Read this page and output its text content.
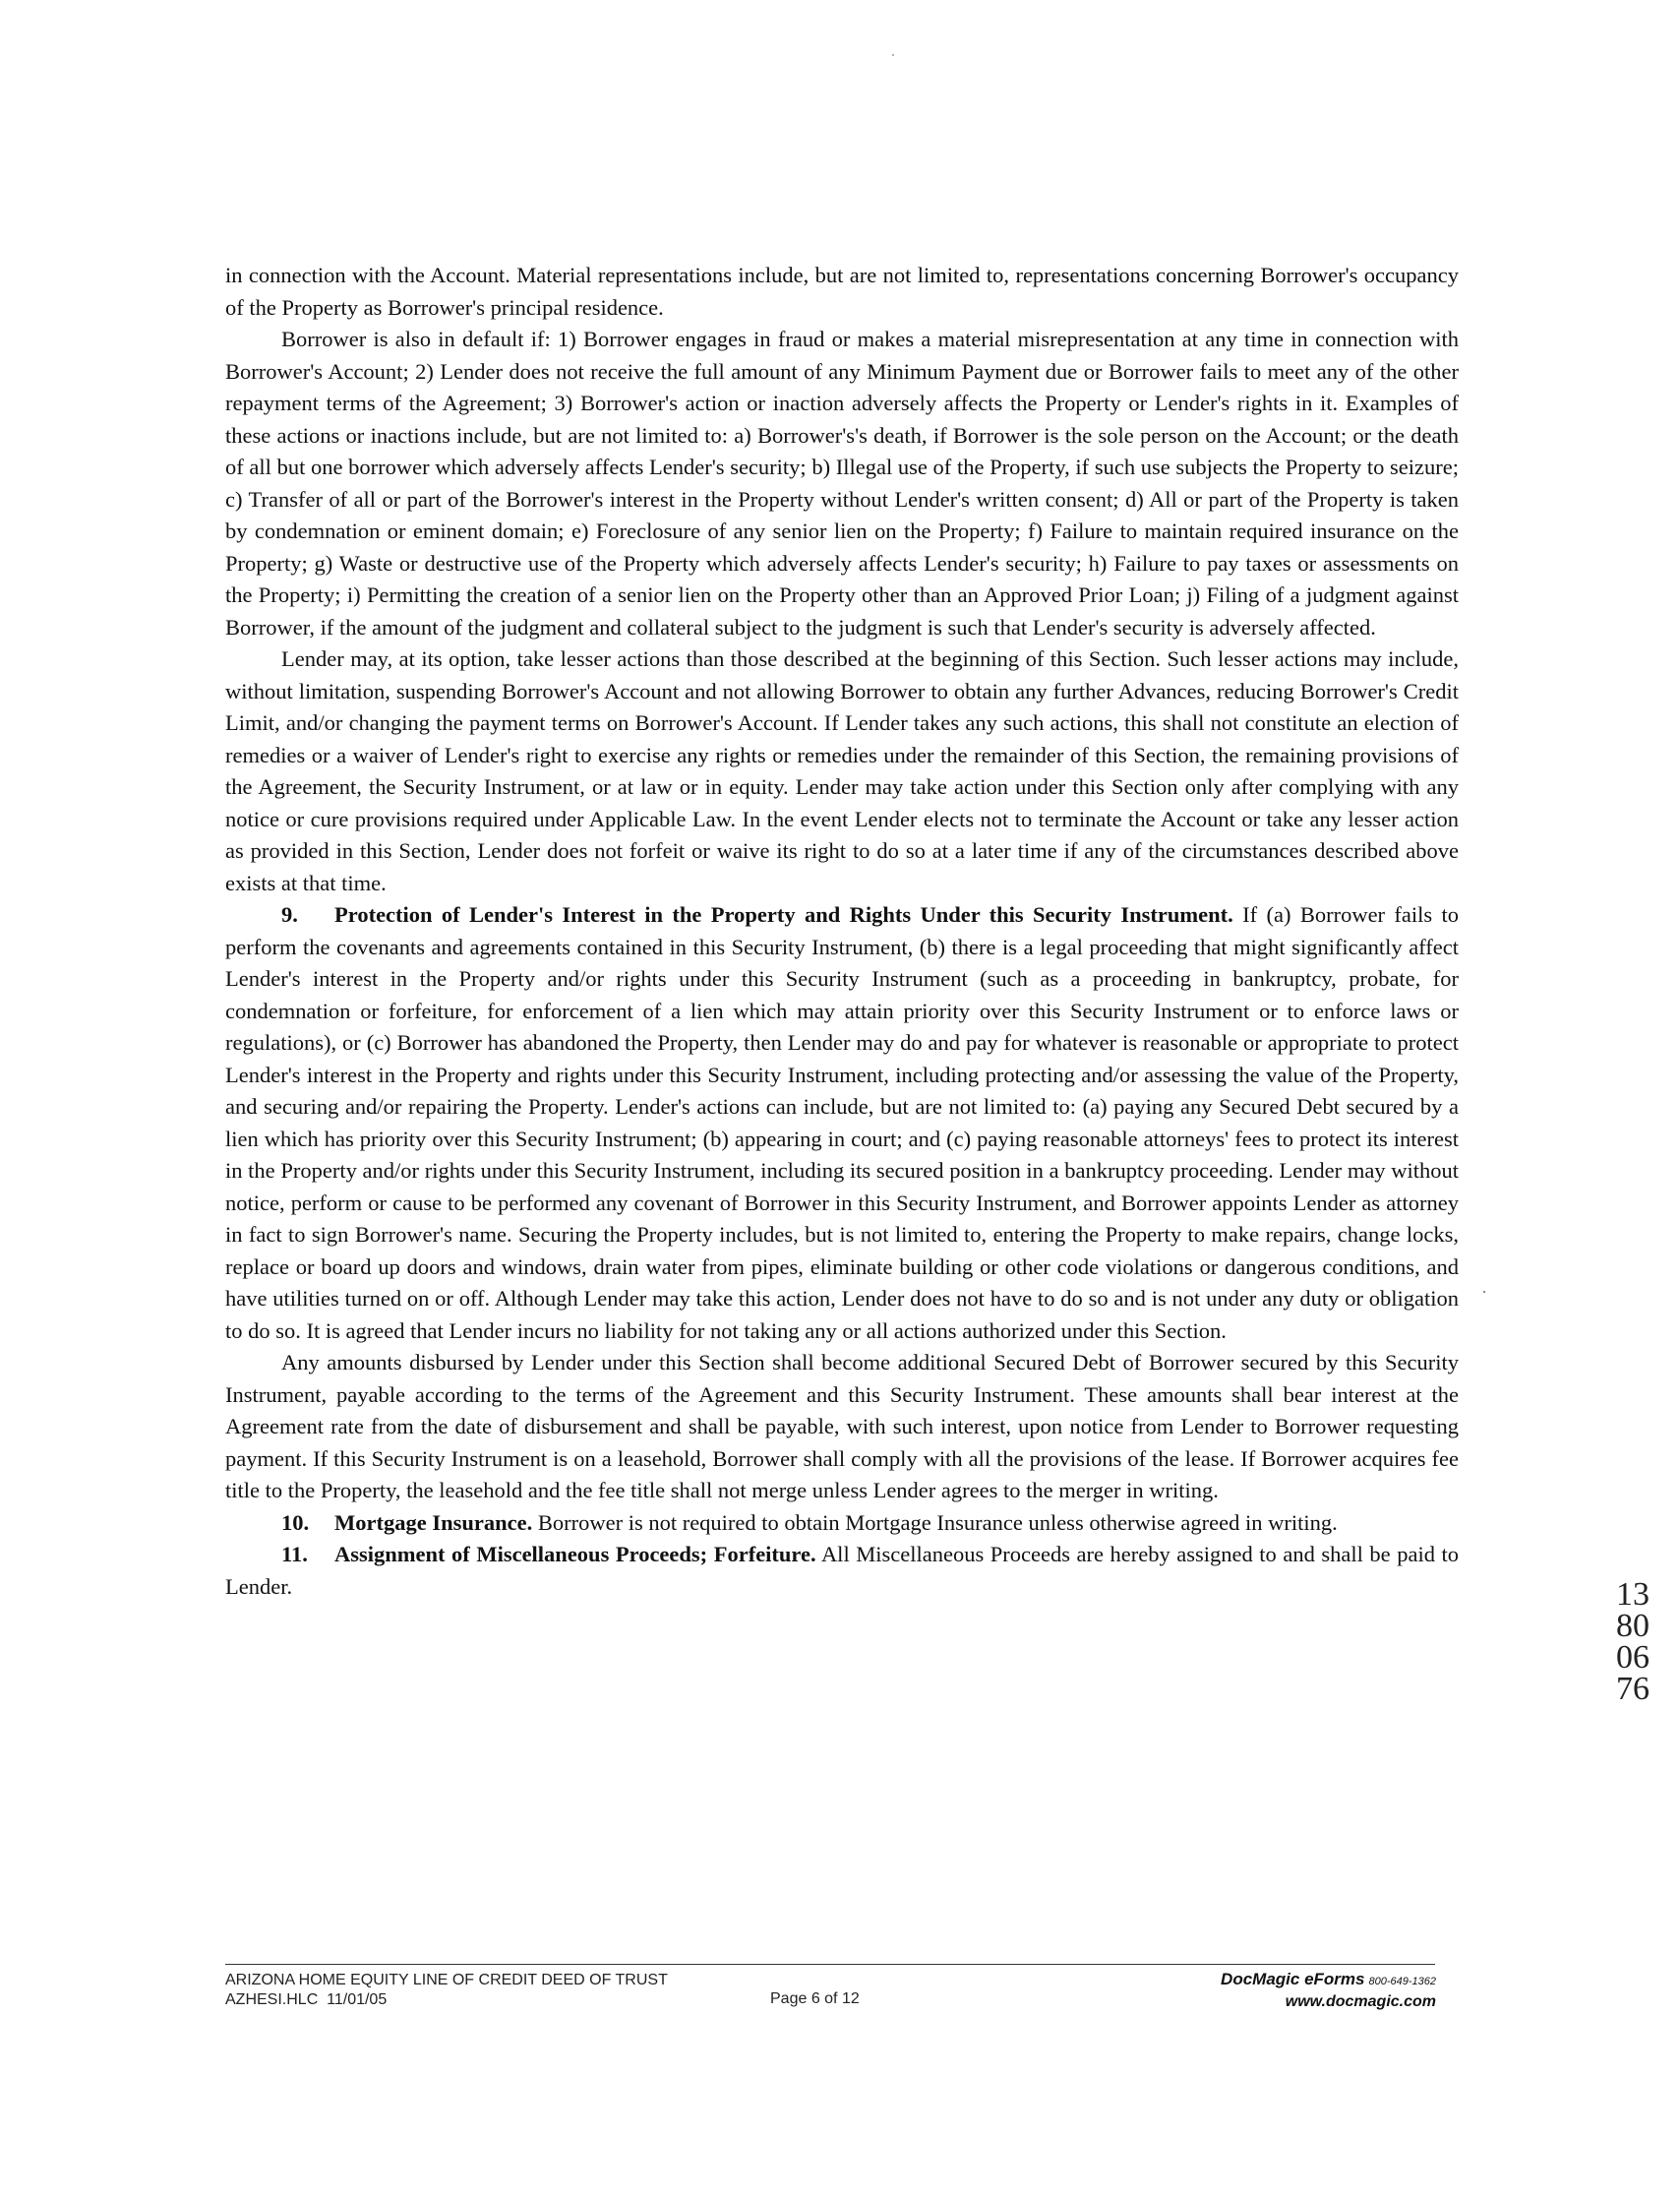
in connection with the Account. Material representations include, but are not limited to, representations concerning Borrower's occupancy of the Property as Borrower's principal residence.

Borrower is also in default if: 1) Borrower engages in fraud or makes a material misrepresentation at any time in connection with Borrower's Account; 2) Lender does not receive the full amount of any Minimum Payment due or Borrower fails to meet any of the other repayment terms of the Agreement; 3) Borrower's action or inaction adversely affects the Property or Lender's rights in it. Examples of these actions or inactions include, but are not limited to: a) Borrower's's death, if Borrower is the sole person on the Account; or the death of all but one borrower which adversely affects Lender's security; b) Illegal use of the Property, if such use subjects the Property to seizure; c) Transfer of all or part of the Borrower's interest in the Property without Lender's written consent; d) All or part of the Property is taken by condemnation or eminent domain; e) Foreclosure of any senior lien on the Property; f) Failure to maintain required insurance on the Property; g) Waste or destructive use of the Property which adversely affects Lender's security; h) Failure to pay taxes or assessments on the Property; i) Permitting the creation of a senior lien on the Property other than an Approved Prior Loan; j) Filing of a judgment against Borrower, if the amount of the judgment and collateral subject to the judgment is such that Lender's security is adversely affected.

Lender may, at its option, take lesser actions than those described at the beginning of this Section. Such lesser actions may include, without limitation, suspending Borrower's Account and not allowing Borrower to obtain any further Advances, reducing Borrower's Credit Limit, and/or changing the payment terms on Borrower's Account. If Lender takes any such actions, this shall not constitute an election of remedies or a waiver of Lender's right to exercise any rights or remedies under the remainder of this Section, the remaining provisions of the Agreement, the Security Instrument, or at law or in equity. Lender may take action under this Section only after complying with any notice or cure provisions required under Applicable Law. In the event Lender elects not to terminate the Account or take any lesser action as provided in this Section, Lender does not forfeit or waive its right to do so at a later time if any of the circumstances described above exists at that time.

9. Protection of Lender's Interest in the Property and Rights Under this Security Instrument. If (a) Borrower fails to perform the covenants and agreements contained in this Security Instrument, (b) there is a legal proceeding that might significantly affect Lender's interest in the Property and/or rights under this Security Instrument (such as a proceeding in bankruptcy, probate, for condemnation or forfeiture, for enforcement of a lien which may attain priority over this Security Instrument or to enforce laws or regulations), or (c) Borrower has abandoned the Property, then Lender may do and pay for whatever is reasonable or appropriate to protect Lender's interest in the Property and rights under this Security Instrument, including protecting and/or assessing the value of the Property, and securing and/or repairing the Property. Lender's actions can include, but are not limited to: (a) paying any Secured Debt secured by a lien which has priority over this Security Instrument; (b) appearing in court; and (c) paying reasonable attorneys' fees to protect its interest in the Property and/or rights under this Security Instrument, including its secured position in a bankruptcy proceeding. Lender may without notice, perform or cause to be performed any covenant of Borrower in this Security Instrument, and Borrower appoints Lender as attorney in fact to sign Borrower's name. Securing the Property includes, but is not limited to, entering the Property to make repairs, change locks, replace or board up doors and windows, drain water from pipes, eliminate building or other code violations or dangerous conditions, and have utilities turned on or off. Although Lender may take this action, Lender does not have to do so and is not under any duty or obligation to do so. It is agreed that Lender incurs no liability for not taking any or all actions authorized under this Section.

Any amounts disbursed by Lender under this Section shall become additional Secured Debt of Borrower secured by this Security Instrument, payable according to the terms of the Agreement and this Security Instrument. These amounts shall bear interest at the Agreement rate from the date of disbursement and shall be payable, with such interest, upon notice from Lender to Borrower requesting payment. If this Security Instrument is on a leasehold, Borrower shall comply with all the provisions of the lease. If Borrower acquires fee title to the Property, the leasehold and the fee title shall not merge unless Lender agrees to the merger in writing.

10. Mortgage Insurance. Borrower is not required to obtain Mortgage Insurance unless otherwise agreed in writing.

11. Assignment of Miscellaneous Proceeds; Forfeiture. All Miscellaneous Proceeds are hereby assigned to and shall be paid to Lender.	1380 0676
ARIZONA HOME EQUITY LINE OF CREDIT DEED OF TRUST
AZHESI.HLC  11/01/05	Page 6 of 12
DocMagic eForms 800-649-1362
www.docmagic.com
